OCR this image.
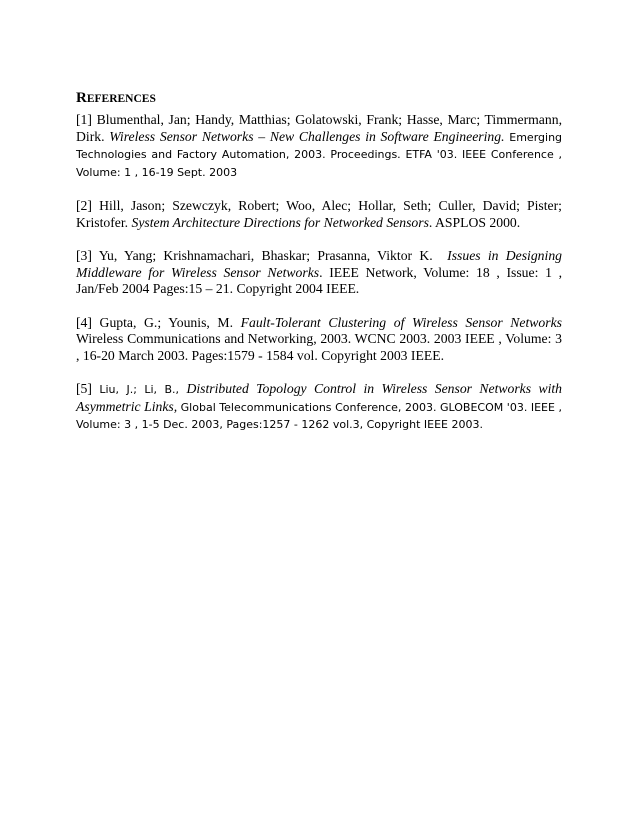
REFERENCES

[1] Blumenthal, Jan; Handy, Matthias; Golatowski, Frank; Hasse, Marc; Timmermann, Dirk. Wireless Sensor Networks – New Challenges in Software Engineering. Emerging Technologies and Factory Automation, 2003. Proceedings. ETFA '03. IEEE Conference , Volume: 1 , 16-19 Sept. 2003

[2] Hill, Jason; Szewczyk, Robert; Woo, Alec; Hollar, Seth; Culler, David; Pister; Kristofer. System Architecture Directions for Networked Sensors. ASPLOS 2000.

[3] Yu, Yang; Krishnamachari, Bhaskar; Prasanna, Viktor K. Issues in Designing Middleware for Wireless Sensor Networks. IEEE Network, Volume: 18 , Issue: 1 , Jan/Feb 2004 Pages:15 – 21. Copyright 2004 IEEE.

[4] Gupta, G.; Younis, M. Fault-Tolerant Clustering of Wireless Sensor Networks Wireless Communications and Networking, 2003. WCNC 2003. 2003 IEEE , Volume: 3 , 16-20 March 2003. Pages:1579 - 1584 vol. Copyright 2003 IEEE.

[5] Liu, J.; Li, B., Distributed Topology Control in Wireless Sensor Networks with Asymmetric Links, Global Telecommunications Conference, 2003. GLOBECOM '03. IEEE , Volume: 3 , 1-5 Dec. 2003, Pages:1257 - 1262 vol.3, Copyright IEEE 2003.
